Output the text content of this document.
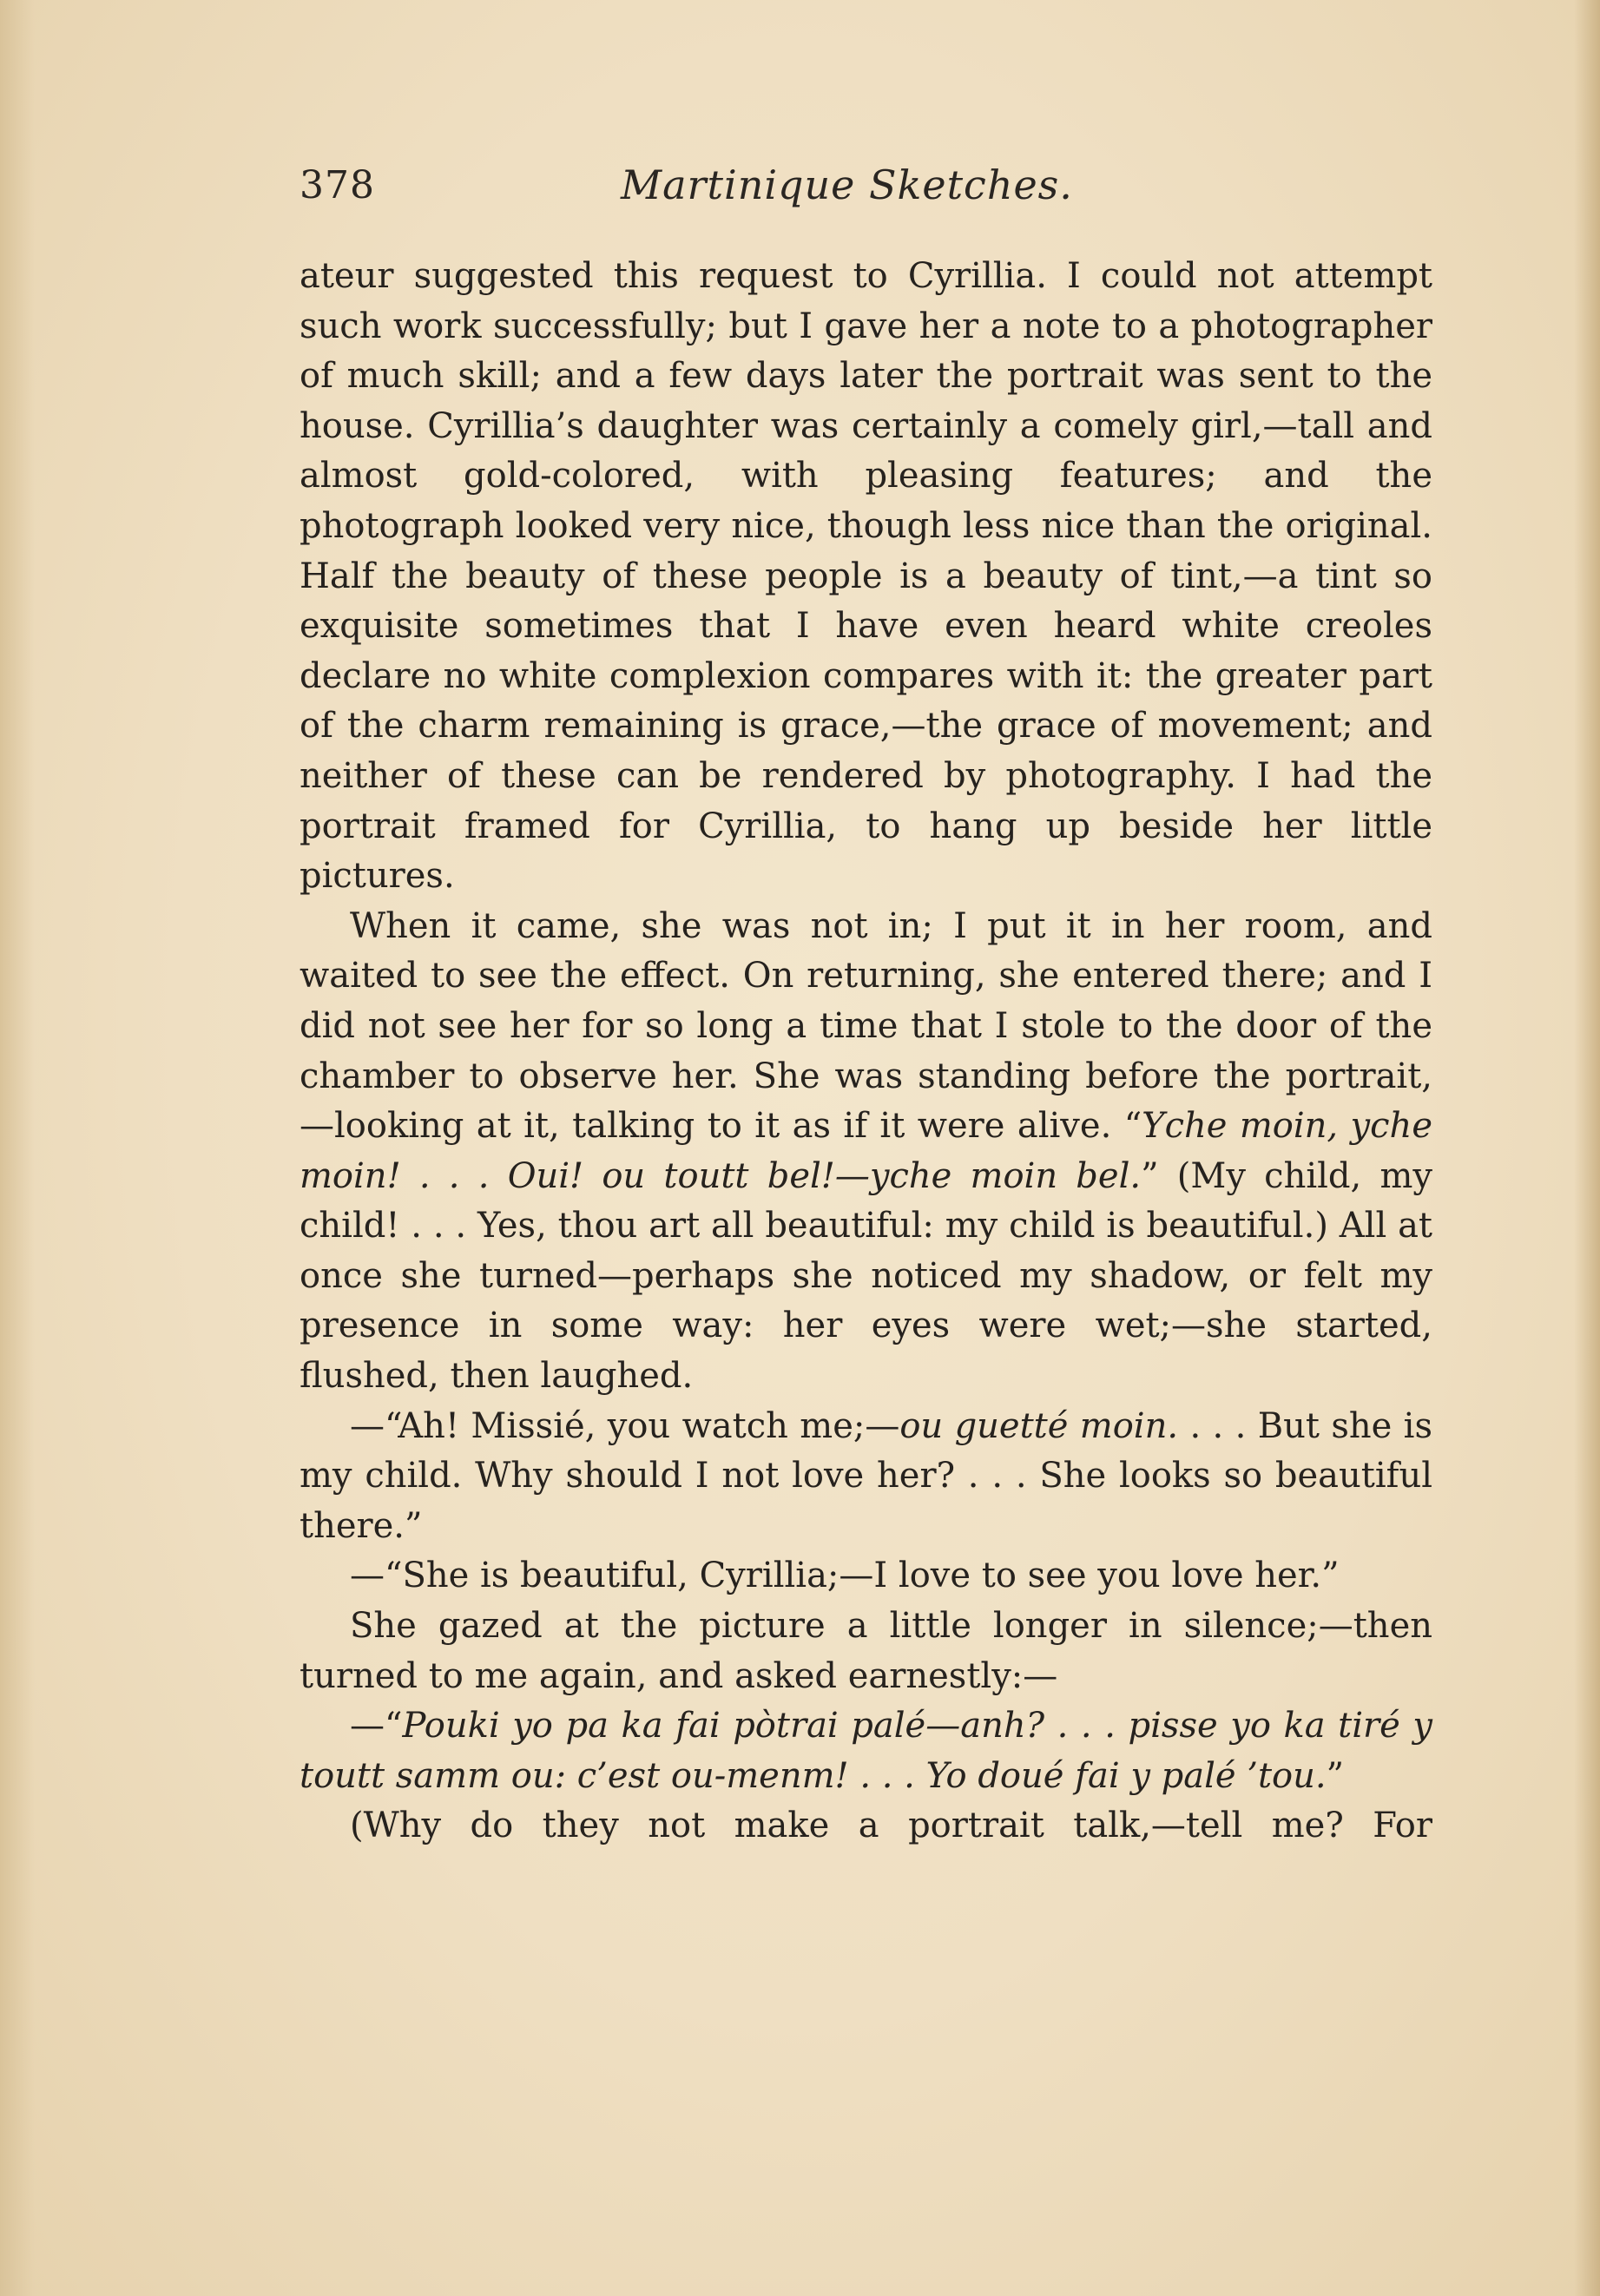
378	Martinique Sketches.

ateur suggested this request to Cyrillia. I could not attempt such work successfully; but I gave her a note to a photographer of much skill; and a few days later the portrait was sent to the house. Cyrillia’s daughter was certainly a comely girl,—tall and almost gold-colored, with pleasing features; and the photograph looked very nice, though less nice than the original. Half the beauty of these people is a beauty of tint,—a tint so exquisite sometimes that I have even heard white creoles declare no white complexion compares with it: the greater part of the charm remaining is grace,—the grace of movement; and neither of these can be rendered by photography. I had the portrait framed for Cyrillia, to hang up beside her little pictures.

When it came, she was not in; I put it in her room, and waited to see the effect. On returning, she entered there; and I did not see her for so long a time that I stole to the door of the chamber to observe her. She was standing before the portrait,—looking at it, talking to it as if it were alive. “Yche moin, yche moin! . . . Oui! ou toutt bel!—yche moin bel.” (My child, my child! . . . Yes, thou art all beautiful: my child is beautiful.) All at once she turned—perhaps she noticed my shadow, or felt my presence in some way: her eyes were wet;—she started, flushed, then laughed.

—“Ah! Missié, you watch me;—ou guetté moin. . . . But she is my child. Why should I not love her? . . . She looks so beautiful there.”

—“She is beautiful, Cyrillia;—I love to see you love her.”

She gazed at the picture a little longer in silence;—then turned to me again, and asked earnestly:—

—“Pouki yo pa ka fai pòtrai palé—anh? . . . pisse yo ka tiré y toutt samm ou: c’est ou-menm! . . . Yo doué fai y palé ’tou.”

(Why do they not make a portrait talk,—tell me? For
